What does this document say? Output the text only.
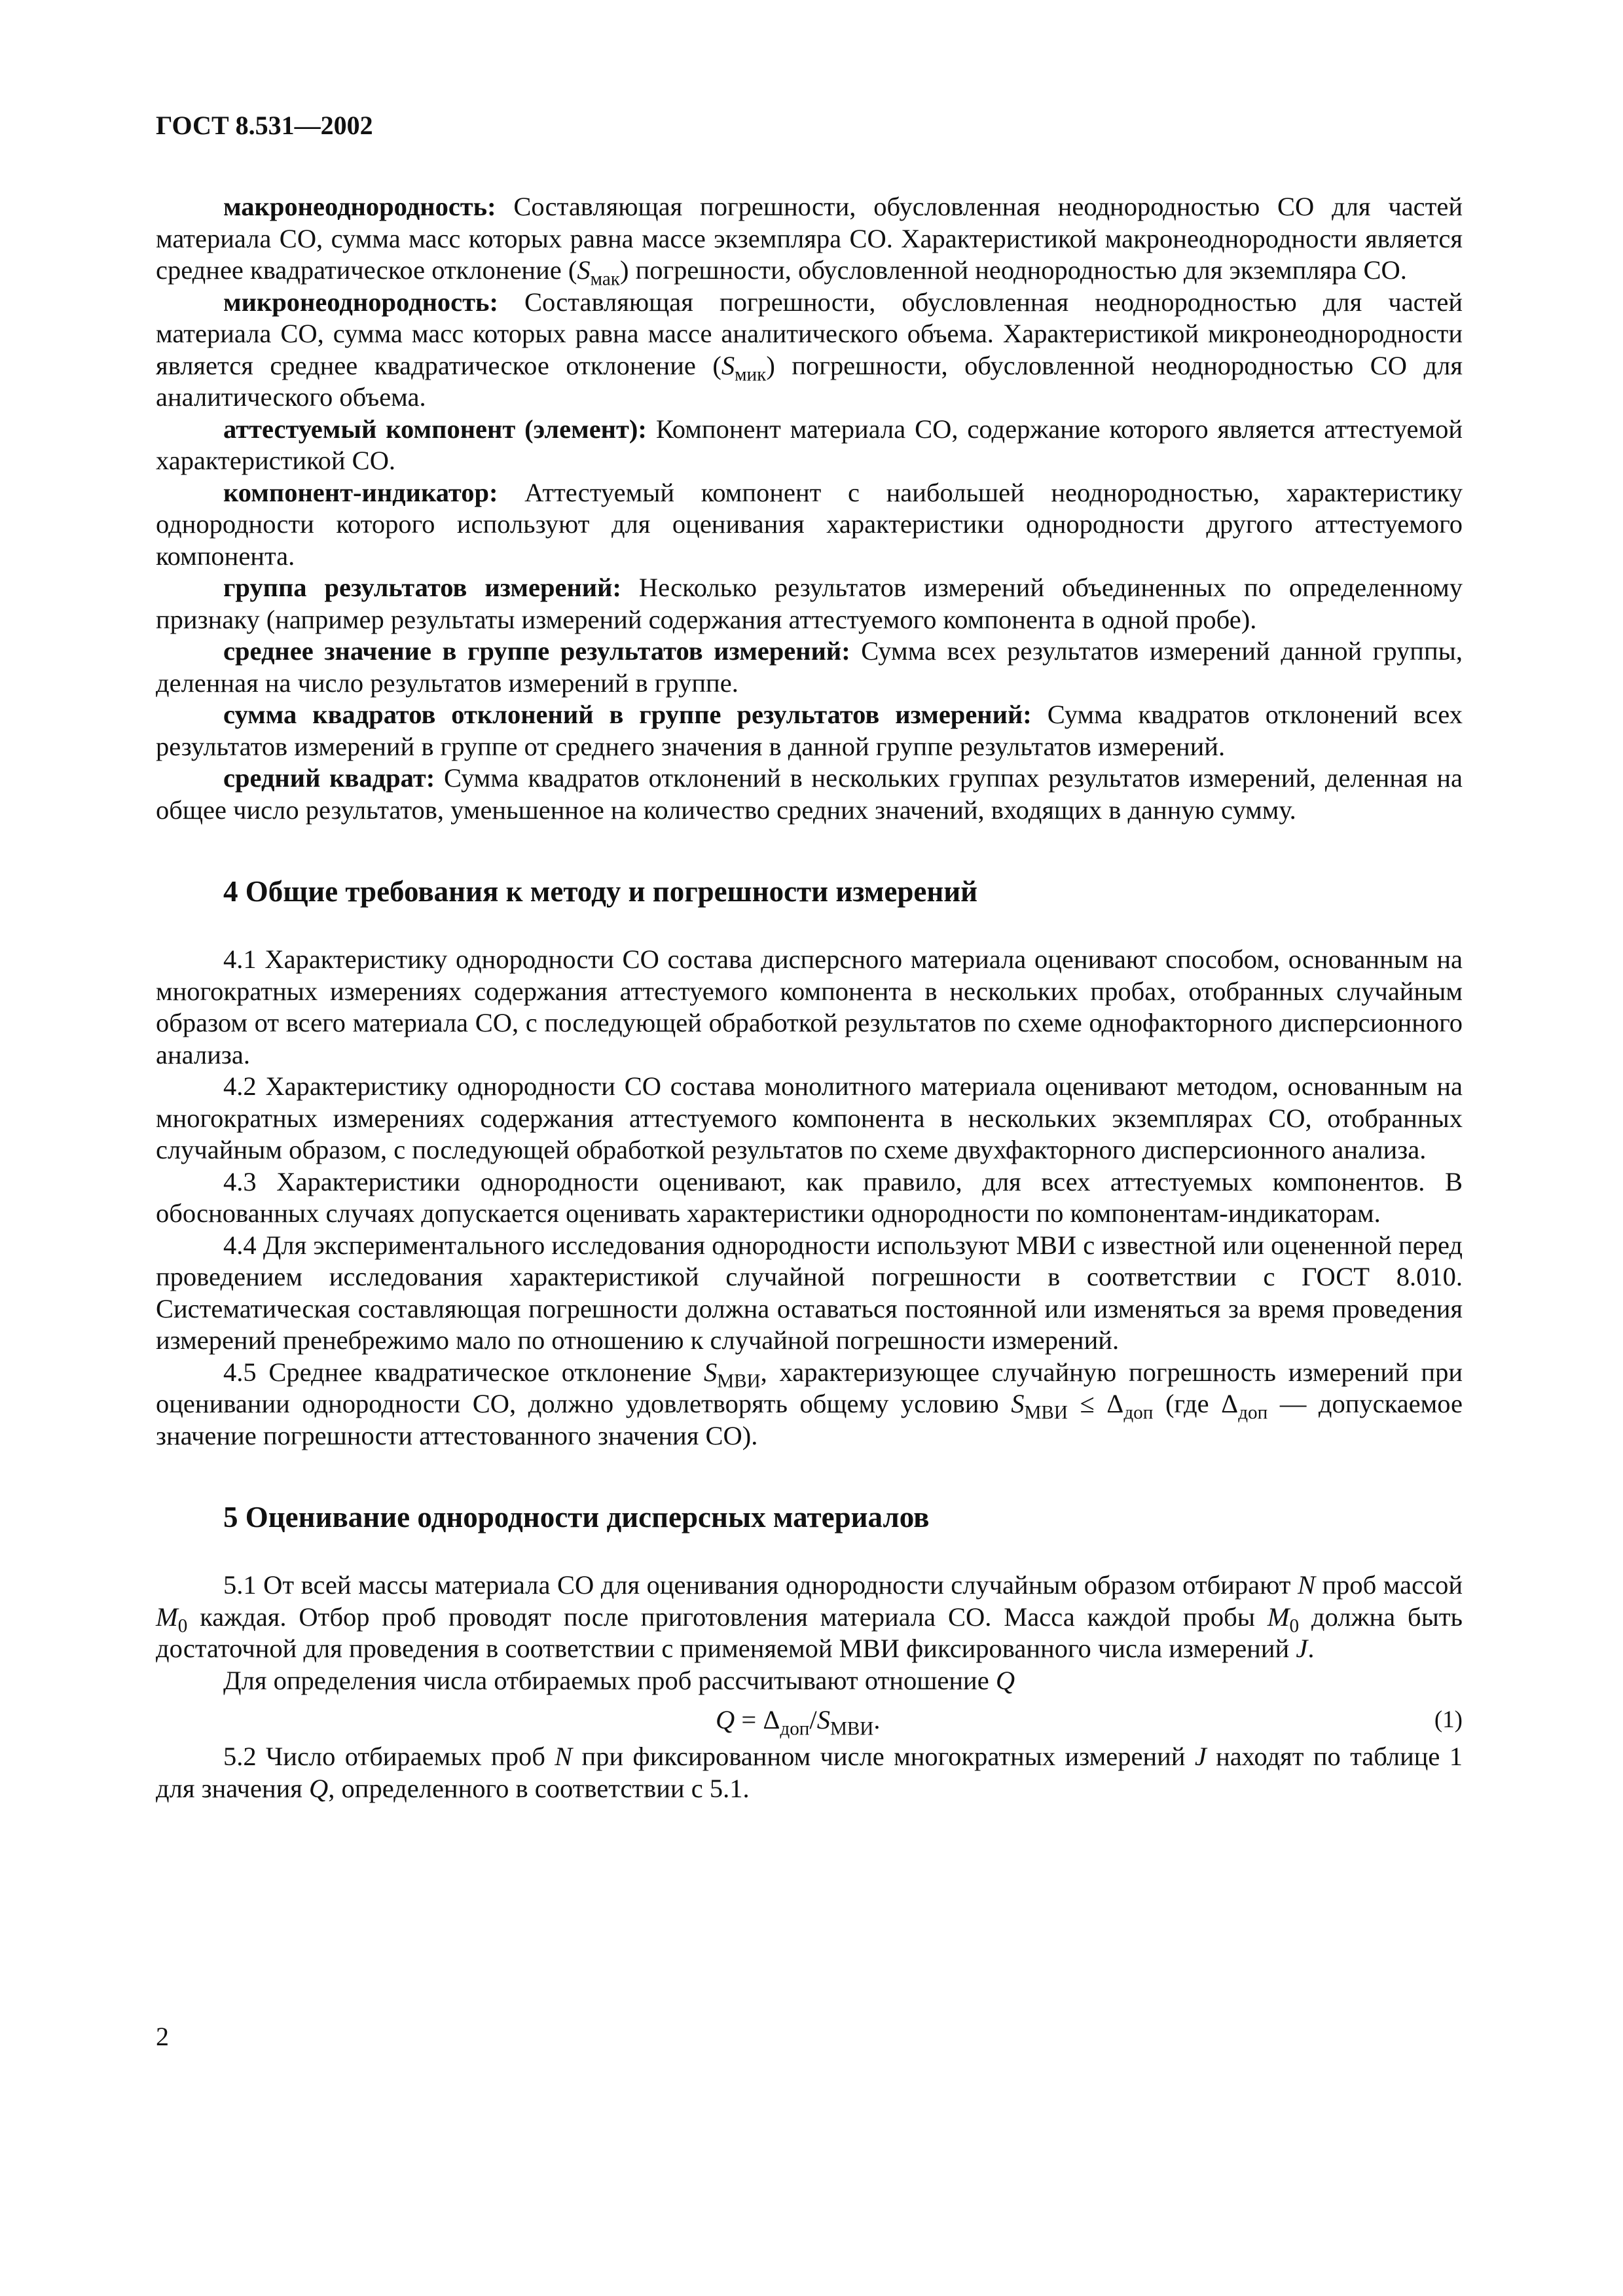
ГОСТ 8.531—2002

макронеоднородность: Составляющая погрешности, обусловленная неоднородностью СО для частей материала СО, сумма масс которых равна массе экземпляра СО. Характеристикой макронеоднородности является среднее квадратическое отклонение $(S_{мак})$ погрешности, обусловленной неоднородностью для экземпляра СО.

микронеоднородность: Составляющая погрешности, обусловленная неоднородностью для частей материала СО, сумма масс которых равна массе аналитического объема. Характеристикой микронеоднородности является среднее квадратическое отклонение $(S_{мик})$ погрешности, обусловленной неоднородностью СО для аналитического объема.

аттестуемый компонент (элемент): Компонент материала СО, содержание которого является аттестуемой характеристикой СО.

компонент-индикатор: Аттестуемый компонент с наибольшей неоднородностью, характеристику однородности которого используют для оценивания характеристики однородности другого аттестуемого компонента.

группа результатов измерений: Несколько результатов измерений объединенных по определенному признаку (например результаты измерений содержания аттестуемого компонента в одной пробе).

среднее значение в группе результатов измерений: Сумма всех результатов измерений данной группы, деленная на число результатов измерений в группе.

сумма квадратов отклонений в группе результатов измерений: Сумма квадратов отклонений всех результатов измерений в группе от среднего значения в данной группе результатов измерений.

средний квадрат: Сумма квадратов отклонений в нескольких группах результатов измерений, деленная на общее число результатов, уменьшенное на количество средних значений, входящих в данную сумму.

4 Общие требования к методу и погрешности измерений

4.1 Характеристику однородности СО состава дисперсного материала оценивают способом, основанным на многократных измерениях содержания аттестуемого компонента в нескольких пробах, отобранных случайным образом от всего материала СО, с последующей обработкой результатов по схеме однофакторного дисперсионного анализа.

4.2 Характеристику однородности СО состава монолитного материала оценивают методом, основанным на многократных измерениях содержания аттестуемого компонента в нескольких экземплярах СО, отобранных случайным образом, с последующей обработкой результатов по схеме двухфакторного дисперсионного анализа.

4.3 Характеристики однородности оценивают, как правило, для всех аттестуемых компонентов. В обоснованных случаях допускается оценивать характеристики однородности по компонентам-индикаторам.

4.4 Для экспериментального исследования однородности используют МВИ с известной или оцененной перед проведением исследования характеристикой случайной погрешности в соответствии с ГОСТ 8.010. Систематическая составляющая погрешности должна оставаться постоянной или изменяться за время проведения измерений пренебрежимо мало по отношению к случайной погрешности измерений.

4.5 Среднее квадратическое отклонение $S_{МВИ}$, характеризующее случайную погрешность измерений при оценивании однородности СО, должно удовлетворять общему условию $S_{МВИ} \le \Delta_{доп}$ (где $\Delta_{доп}$ — допускаемое значение погрешности аттестованного значения СО).

5 Оценивание однородности дисперсных материалов

5.1 От всей массы материала СО для оценивания однородности случайным образом отбирают N проб массой $M_0$ каждая. Отбор проб проводят после приготовления материала СО. Масса каждой пробы $M_0$ должна быть достаточной для проведения в соответствии с применяемой МВИ фиксированного числа измерений J.

Для определения числа отбираемых проб рассчитывают отношение Q

$Q = \Delta_{доп}/S_{МВИ}$.	(1)

5.2 Число отбираемых проб N при фиксированном числе многократных измерений J находят по таблице 1 для значения Q, определенного в соответствии с 5.1.

2
